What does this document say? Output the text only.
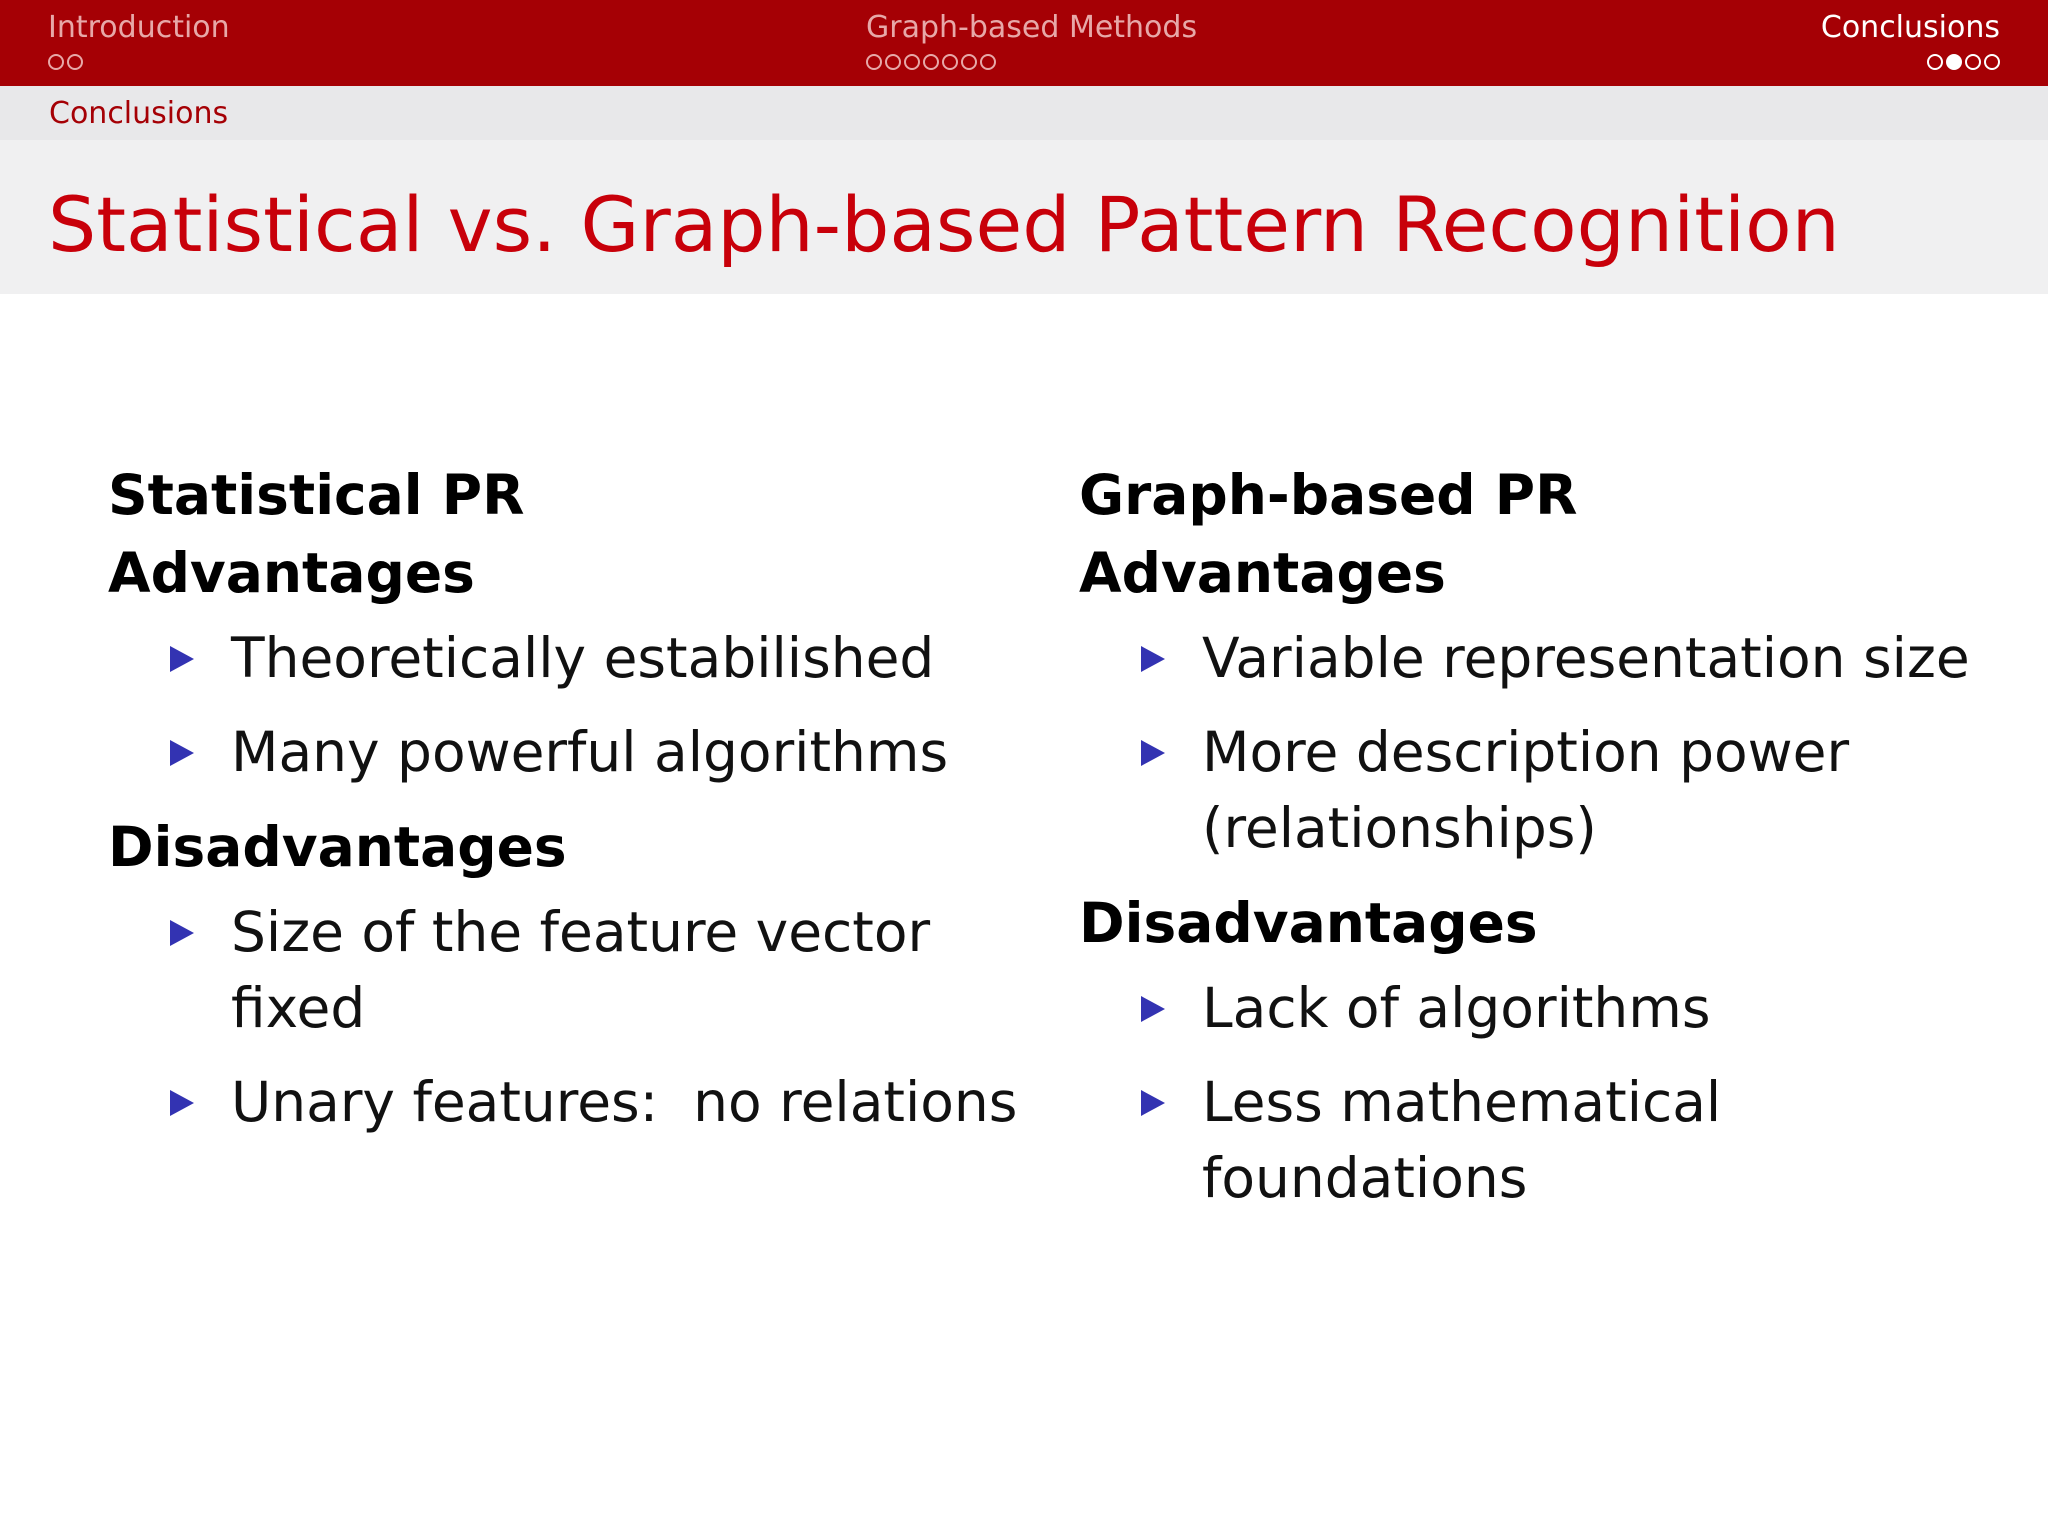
Introduction	Graph-based Methods	Conclusions
Conclusions
Statistical vs. Graph-based Pattern Recognition
Statistical PR
Advantages
Theoretically estabilished
Many powerful algorithms
Disadvantages
Size of the feature vector fixed
Unary features:  no relations
Graph-based PR
Advantages
Variable representation size
More description power (relationships)
Disadvantages
Lack of algorithms
Less mathematical foundations
